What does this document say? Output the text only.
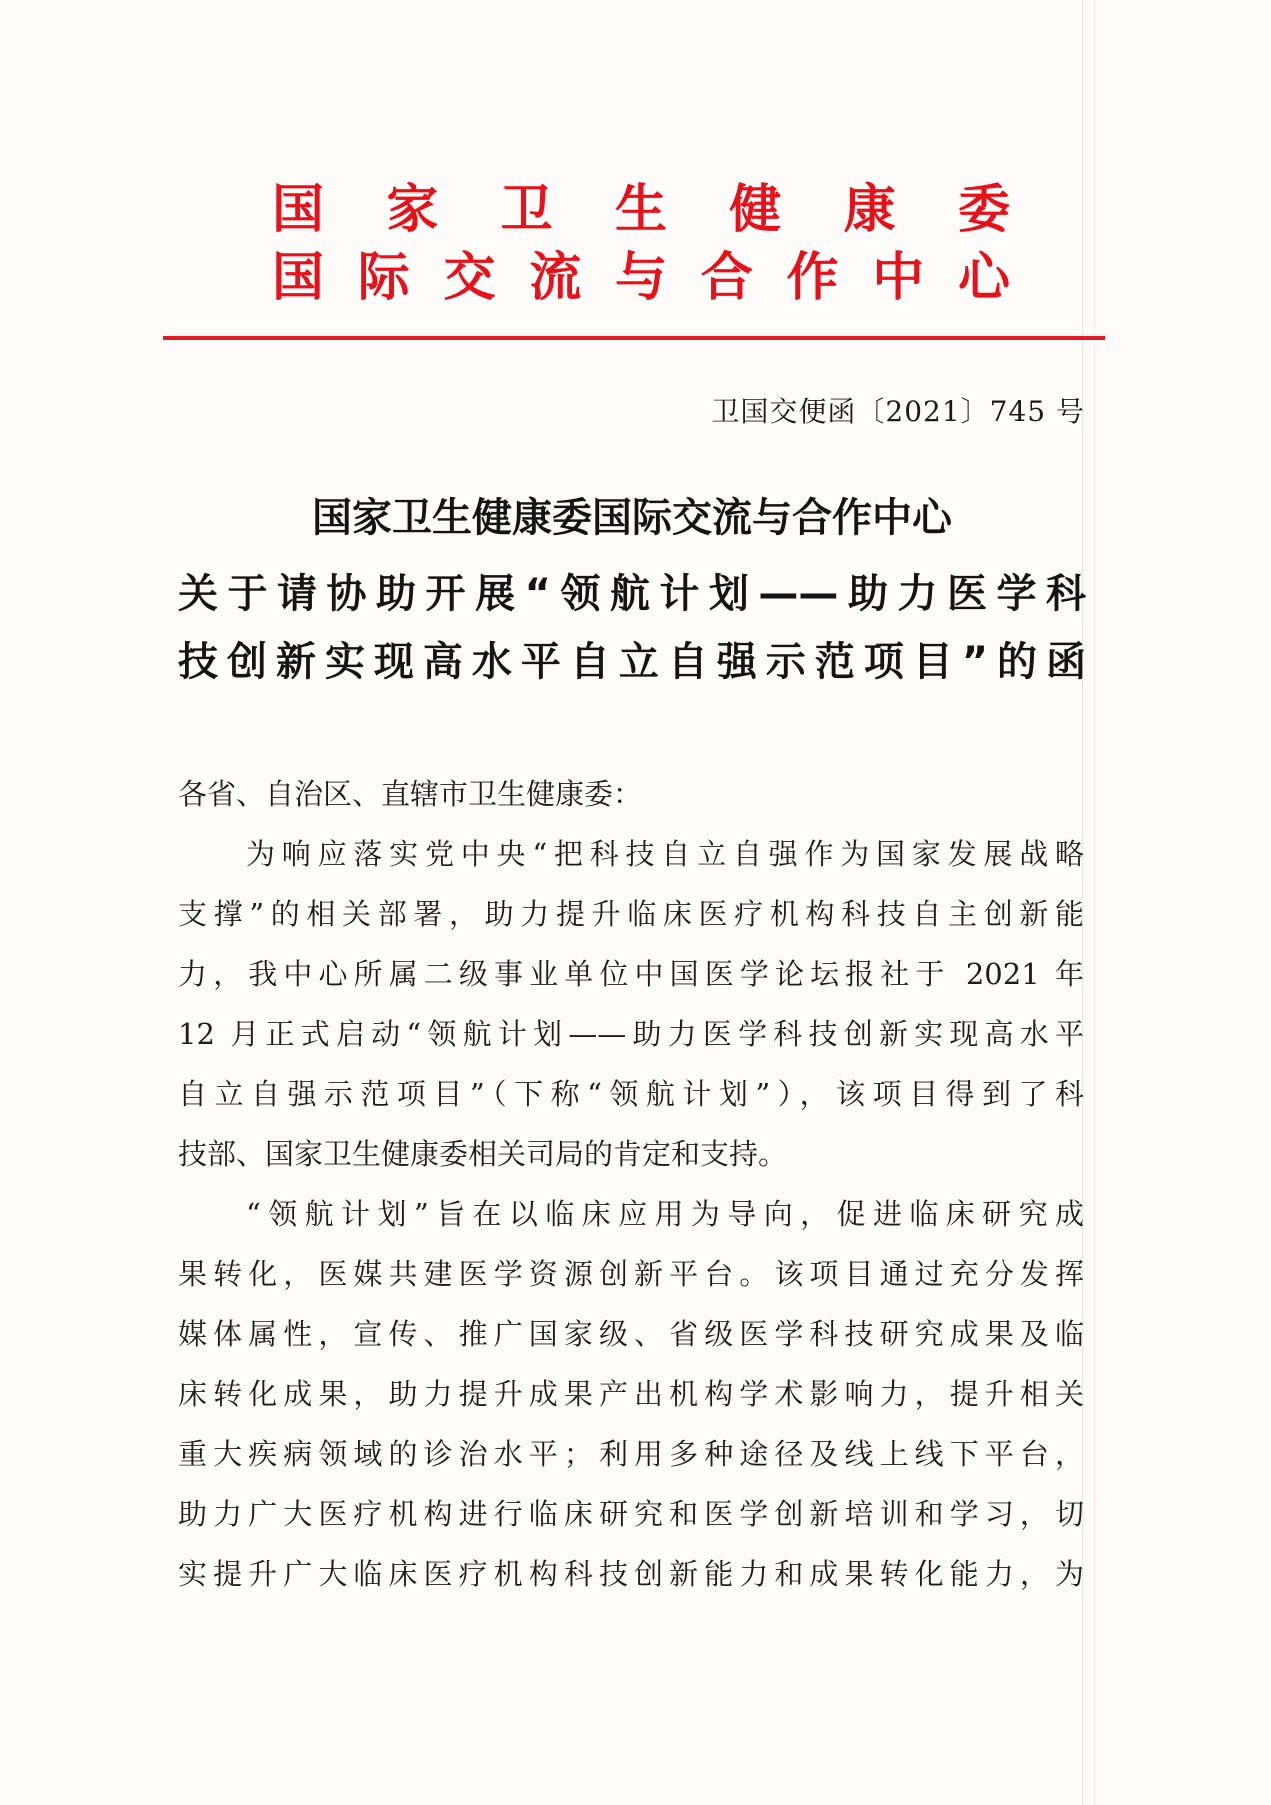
国 家 卫 生 健 康 委
国 际 交 流 与 合 作 中 心
卫国交便函〔2021〕745 号
国家卫生健康委国际交流与合作中心
关于请协助开展“领航计划——助力医学科
技创新实现高水平自立自强示范项目”的函
各省、自治区、直辖市卫生健康委：
为响应落实党中央“把科技自立自强作为国家发展战略
支撑”的相关部署，助力提升临床医疗机构科技自主创新能
力，我中心所属二级事业单位中国医学论坛报社于 2021 年
12 月正式启动“领航计划——助力医学科技创新实现高水平
自立自强示范项目”（下称“领航计划”），该项目得到了科
技部、国家卫生健康委相关司局的肯定和支持。
“领航计划”旨在以临床应用为导向，促进临床研究成
果转化，医媒共建医学资源创新平台。该项目通过充分发挥
媒体属性，宣传、推广国家级、省级医学科技研究成果及临
床转化成果，助力提升成果产出机构学术影响力，提升相关
重大疾病领域的诊治水平；利用多种途径及线上线下平台，
助力广大医疗机构进行临床研究和医学创新培训和学习，切
实提升广大临床医疗机构科技创新能力和成果转化能力，为
